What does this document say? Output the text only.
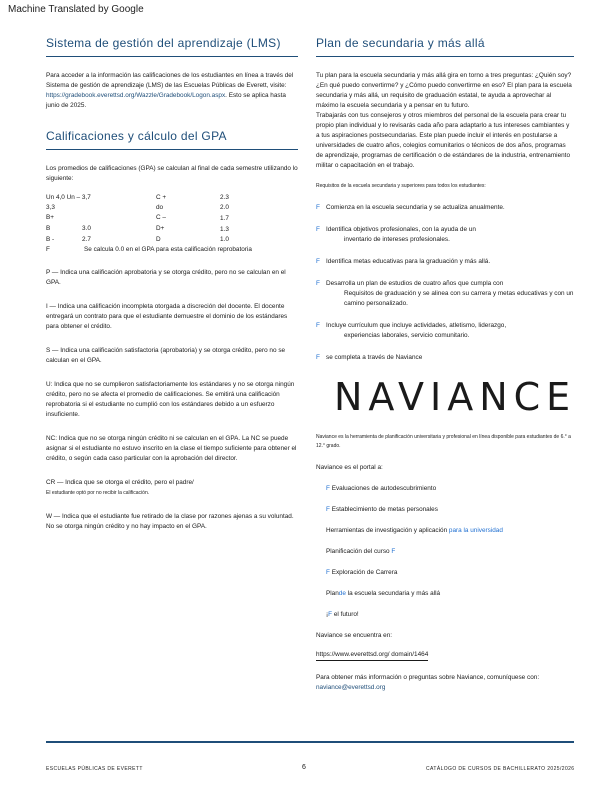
Machine Translated by Google
Sistema de gestión del aprendizaje (LMS)

Para acceder a la información las calificaciones de los estudiantes en línea a través del Sistema de gestión de aprendizaje (LMS) de las Escuelas Públicas de Everett, visite: https://gradebook.everettsd.org/Wazzle/Gradebook/Logon.aspx. Esto se aplica hasta junio de 2025.

Calificaciones y cálculo del GPA

Los promedios de calificaciones (GPA) se calculan al final de cada semestre utilizando lo siguiente:

Un 4,0 Un – 3,7
3,3
B+
B
B -
F
3.0
2.7
C +
do
C –
D+
D
2.3
2.0
1.7
1.3
1.0
Se calcula 0.0 en el GPA para esta calificación reprobatoria
P — Indica una calificación aprobatoria y se otorga crédito, pero no se calculan en el GPA.
I — Indica una calificación incompleta otorgada a discreción del docente. El docente entregará un contrato para que el estudiante demuestre el dominio de los estándares para obtener el crédito.
S — Indica una calificación satisfactoria (aprobatoria) y se otorga crédito, pero no se calculan en el GPA.
U: Indica que no se cumplieron satisfactoriamente los estándares y no se otorga ningún crédito, pero no se afecta el promedio de calificaciones. Se emitirá una calificación reprobatoria si el estudiante no cumplió con los estándares debido a un esfuerzo insuficiente.
NC: Indica que no se otorga ningún crédito ni se calculan en el GPA. La NC se puede asignar si el estudiante no estuvo inscrito en la clase el tiempo suficiente para obtener el crédito, o según cada caso particular con la aprobación del director.
CR — Indica que se otorga el crédito, pero el padre/
El estudiante optó por no recibir la calificación.
W — Indica que el estudiante fue retirado de la clase por razones ajenas a su voluntad. No se otorga ningún crédito y no hay impacto en el GPA.
Plan de secundaria y más allá

Tu plan para la escuela secundaria y más allá gira en torno a tres preguntas: ¿Quién soy? ¿En qué puedo convertirme? y ¿Cómo puedo convertirme en eso? El plan para la escuela secundaria y más allá, un requisito de graduación estatal, te ayuda a aprovechar al máximo la escuela secundaria y a pensar en tu futuro.

Trabajarás con tus consejeros y otros miembros del personal de la escuela para crear tu propio plan individual y lo revisarás cada año para adaptarlo a tus intereses cambiantes y a tus aspiraciones postsecundarias. Este plan puede incluir el interés en postularse a universidades de cuatro años, colegios comunitarios o técnicos de dos años, programas de aprendizaje, programas de certificación o de estándares de la industria, entrenamiento militar o capacitación en el trabajo.

Requisitos de la escuela secundaria y superiores para todos los estudiantes:

F Comienza en la escuela secundaria y se actualiza anualmente.
F Identifica objetivos profesionales, con la ayuda de un
inventario de intereses profesionales.
F Identifica metas educativas para la graduación y más allá.
F Desarrolla un plan de estudios de cuatro años que cumpla con
Requisitos de graduación y se alinea con su carrera y metas educativas y con un camino personalizado.
F Incluye currículum que incluye actividades, atletismo, liderazgo,
experiencias laborales, servicio comunitario.
F se completa a través de Naviance
NAVIANCE

Naviance es la herramienta de planificación universitaria y profesional en línea disponible para estudiantes de 6.° a 12.° grado.

Naviance es el portal a:
F Evaluaciones de autodescubrimiento
F Establecimiento de metas personales
Herramientas de investigación y aplicación para la universidad
Planificación del curso F
F Exploración de Carrera
Plande la escuela secundaria y más allá
¡F el futuro!
Naviance se encuentra en:
https://www.everettsd.org/ domain/1464
Para obtener más información o preguntas sobre Naviance, comuníquese con: naviance@everettsd.org
ESCUELAS PÚBLICAS DE EVERETT	6	CATÁLOGO DE CURSOS DE BACHILLERATO 2025/2026
